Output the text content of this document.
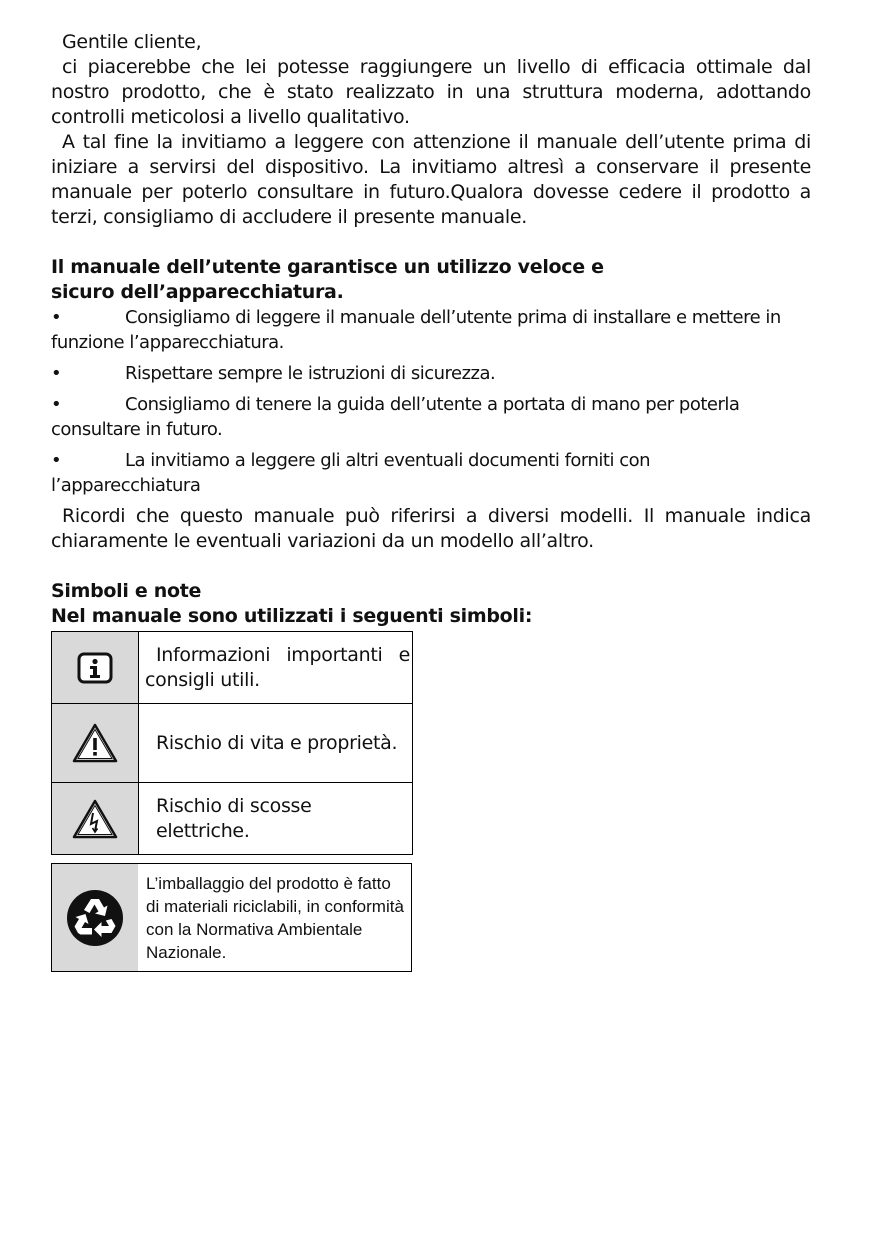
Gentile cliente,

ci piacerebbe che lei potesse raggiungere un livello di efficacia ottimale dal nostro prodotto, che è stato realizzato in una struttura moderna, adottando controlli meticolosi a livello qualitativo.

A tal fine la invitiamo a leggere con attenzione il manuale dell’utente prima di iniziare a servirsi del dispositivo. La invitiamo altresì a conservare il presente manuale per poterlo consultare in futuro.Qualora dovesse cedere il prodotto a terzi, consigliamo di accludere il presente manuale.

Il manuale dell’utente garantisce un utilizzo veloce e sicuro dell’apparecchiatura.

•	Consigliamo di leggere il manuale dell’utente prima di installare e mettere in
funzione l’apparecchiatura.

•	Rispettare sempre le istruzioni di sicurezza.

•	Consigliamo di tenere la guida dell’utente a portata di mano per poterla
consultare in futuro.

•	La invitiamo a leggere gli altri eventuali documenti forniti con
l’apparecchiatura

Ricordi che questo manuale può riferirsi a diversi modelli. Il manuale indica chiaramente le eventuali variazioni da un modello all’altro.

Simboli e note

Nel manuale sono utilizzati i seguenti simboli:

	Informazioni importanti e consigli utili.
	Rischio di vita e proprietà.
	Rischio di scosse elettriche.
	L’imballaggio del prodotto è fatto di materiali riciclabili, in conformità con la Normativa Ambientale Nazionale.
